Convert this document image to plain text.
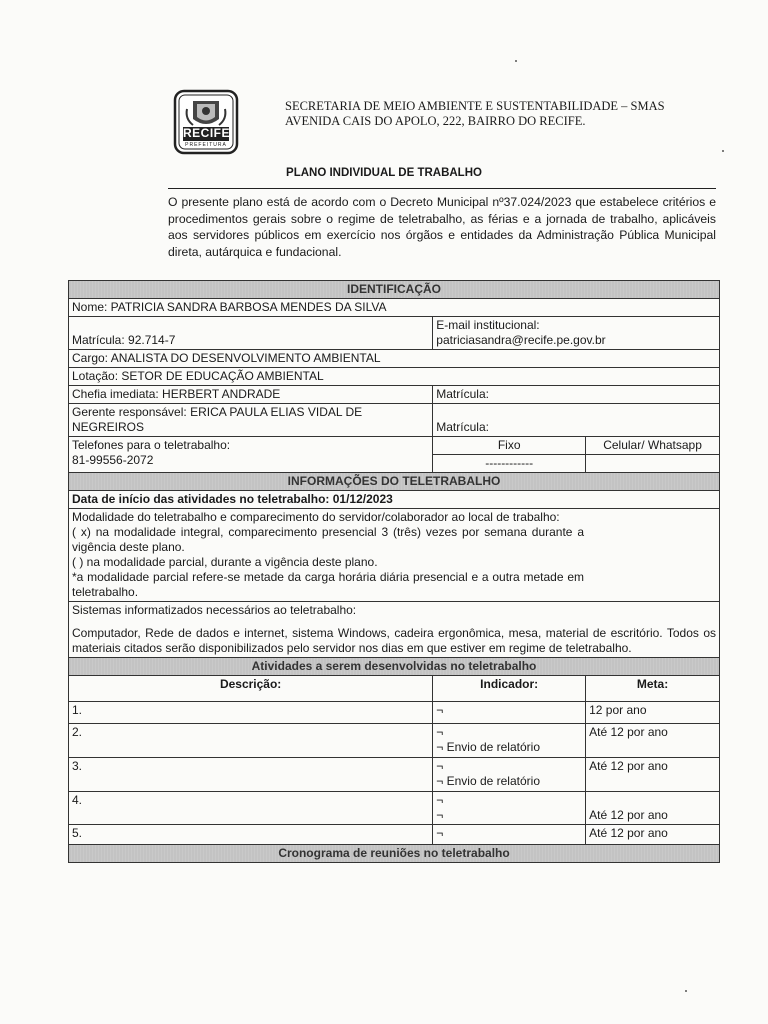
RECIFE
PREFEITURA
SECRETARIA DE MEIO AMBIENTE E SUSTENTABILIDADE – SMAS
AVENIDA CAIS DO APOLO, 222, BAIRRO DO RECIFE.
PLANO INDIVIDUAL DE TRABALHO
O presente plano está de acordo com o Decreto Municipal nº37.024/2023 que estabelece critérios e procedimentos gerais sobre o regime de teletrabalho, as férias e a jornada de trabalho, aplicáveis aos servidores públicos em exercício nos órgãos e entidades da Administração Pública Municipal direta, autárquica e fundacional.
IDENTIFICAÇÃO		
Nome: PATRICIA SANDRA BARBOSA MENDES DA SILVA		
Matrícula: 92.714-7	E-mail institucional:
patriciasandra@recife.pe.gov.br	

Cargo: ANALISTA DO DESENVOLVIMENTO AMBIENTAL		
Lotação: SETOR DE EDUCAÇÃO AMBIENTAL		
Chefia imediata: HERBERT ANDRADE	Matrícula:	
Gerente responsável: ERICA PAULA ELIAS VIDAL DE NEGREIROS	Matrícula:	

Telefones para o teletrabalho:
81-99556-2072	Fixo	Celular/ Whatsapp
	------------	
INFORMAÇÕES DO TELETRABALHO		
Data de início das atividades no teletrabalho: 01/12/2023		

Modalidade do teletrabalho e comparecimento do servidor/colaborador ao local de trabalho:
( x) na modalidade integral, comparecimento presencial 3 (três) vezes por semana durante a vigência deste plano.
( ) na modalidade parcial, durante a vigência deste plano.
*a modalidade parcial refere-se metade da carga horária diária presencial e a outra metade em teletrabalho.		

Sistemas informatizados necessários ao teletrabalho:
Computador, Rede de dados e internet, sistema Windows, cadeira ergonômica, mesa, material de escritório. Todos os materiais citados serão disponibilizados pelo servidor nos dias em que estiver em regime de teletrabalho.		

Atividades a serem desenvolvidas no teletrabalho		
Descrição:	Indicador:	Meta:
1.	¬	12 por ano
2.	¬
¬ Envio de relatório	Até 12 por ano
3.	¬
¬ Envio de relatório	Até 12 por ano
4.	¬
¬	Até 12 por ano
5.	¬	Até 12 por ano
Cronograma de reuniões no teletrabalho		
